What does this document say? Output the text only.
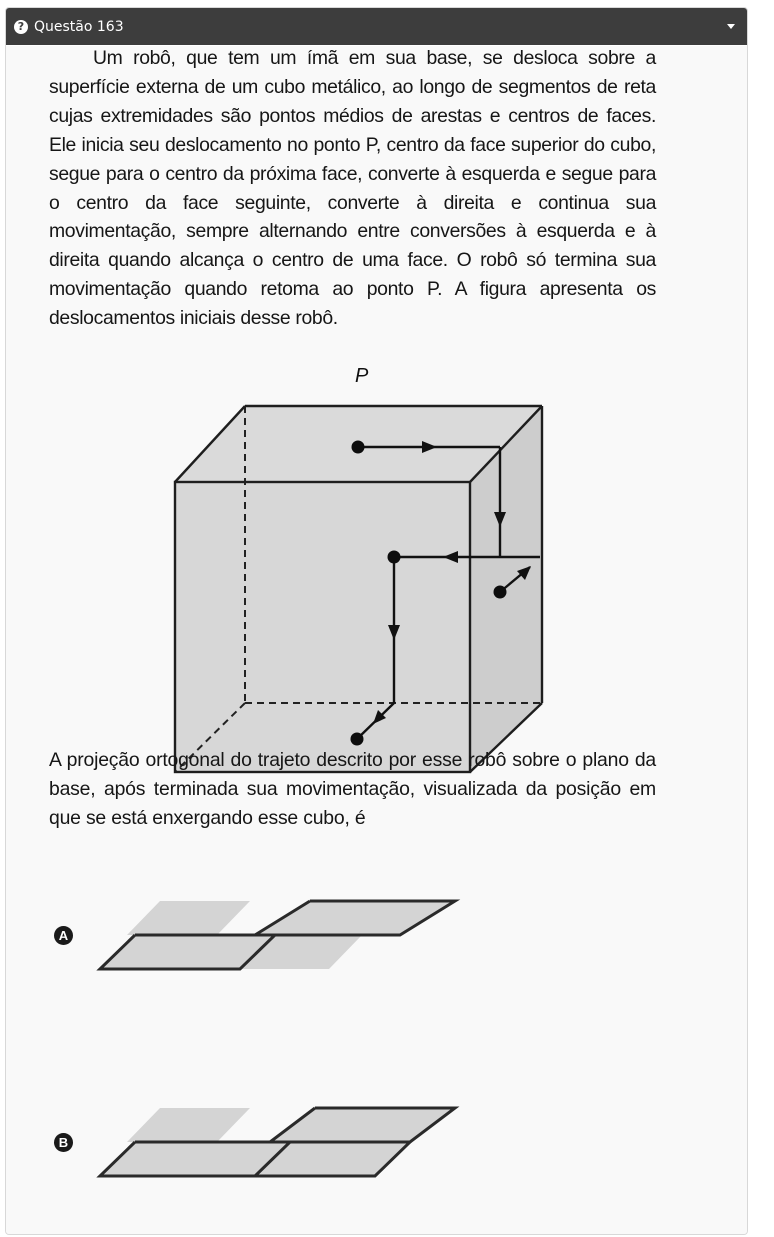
? Questão 163

Um robô, que tem um ímã em sua base, se desloca sobre a superfície externa de um cubo metálico, ao longo de segmentos de reta cujas extremidades são pontos médios de arestas e centros de faces. Ele inicia seu deslocamento no ponto P, centro da face superior do cubo, segue para o centro da próxima face, converte à esquerda e segue para o centro da face seguinte, converte à direita e continua sua movimentação, sempre alternando entre conversões à esquerda e à direita quando alcança o centro de uma face. O robô só termina sua movimentação quando retoma ao ponto P. A figura apresenta os deslocamentos iniciais desse robô.

P

A projeção ortogonal do trajeto descrito por esse robô sobre o plano da base, após terminada sua movimentação, visualizada da posição em que se está enxergando esse cubo, é

A
B
